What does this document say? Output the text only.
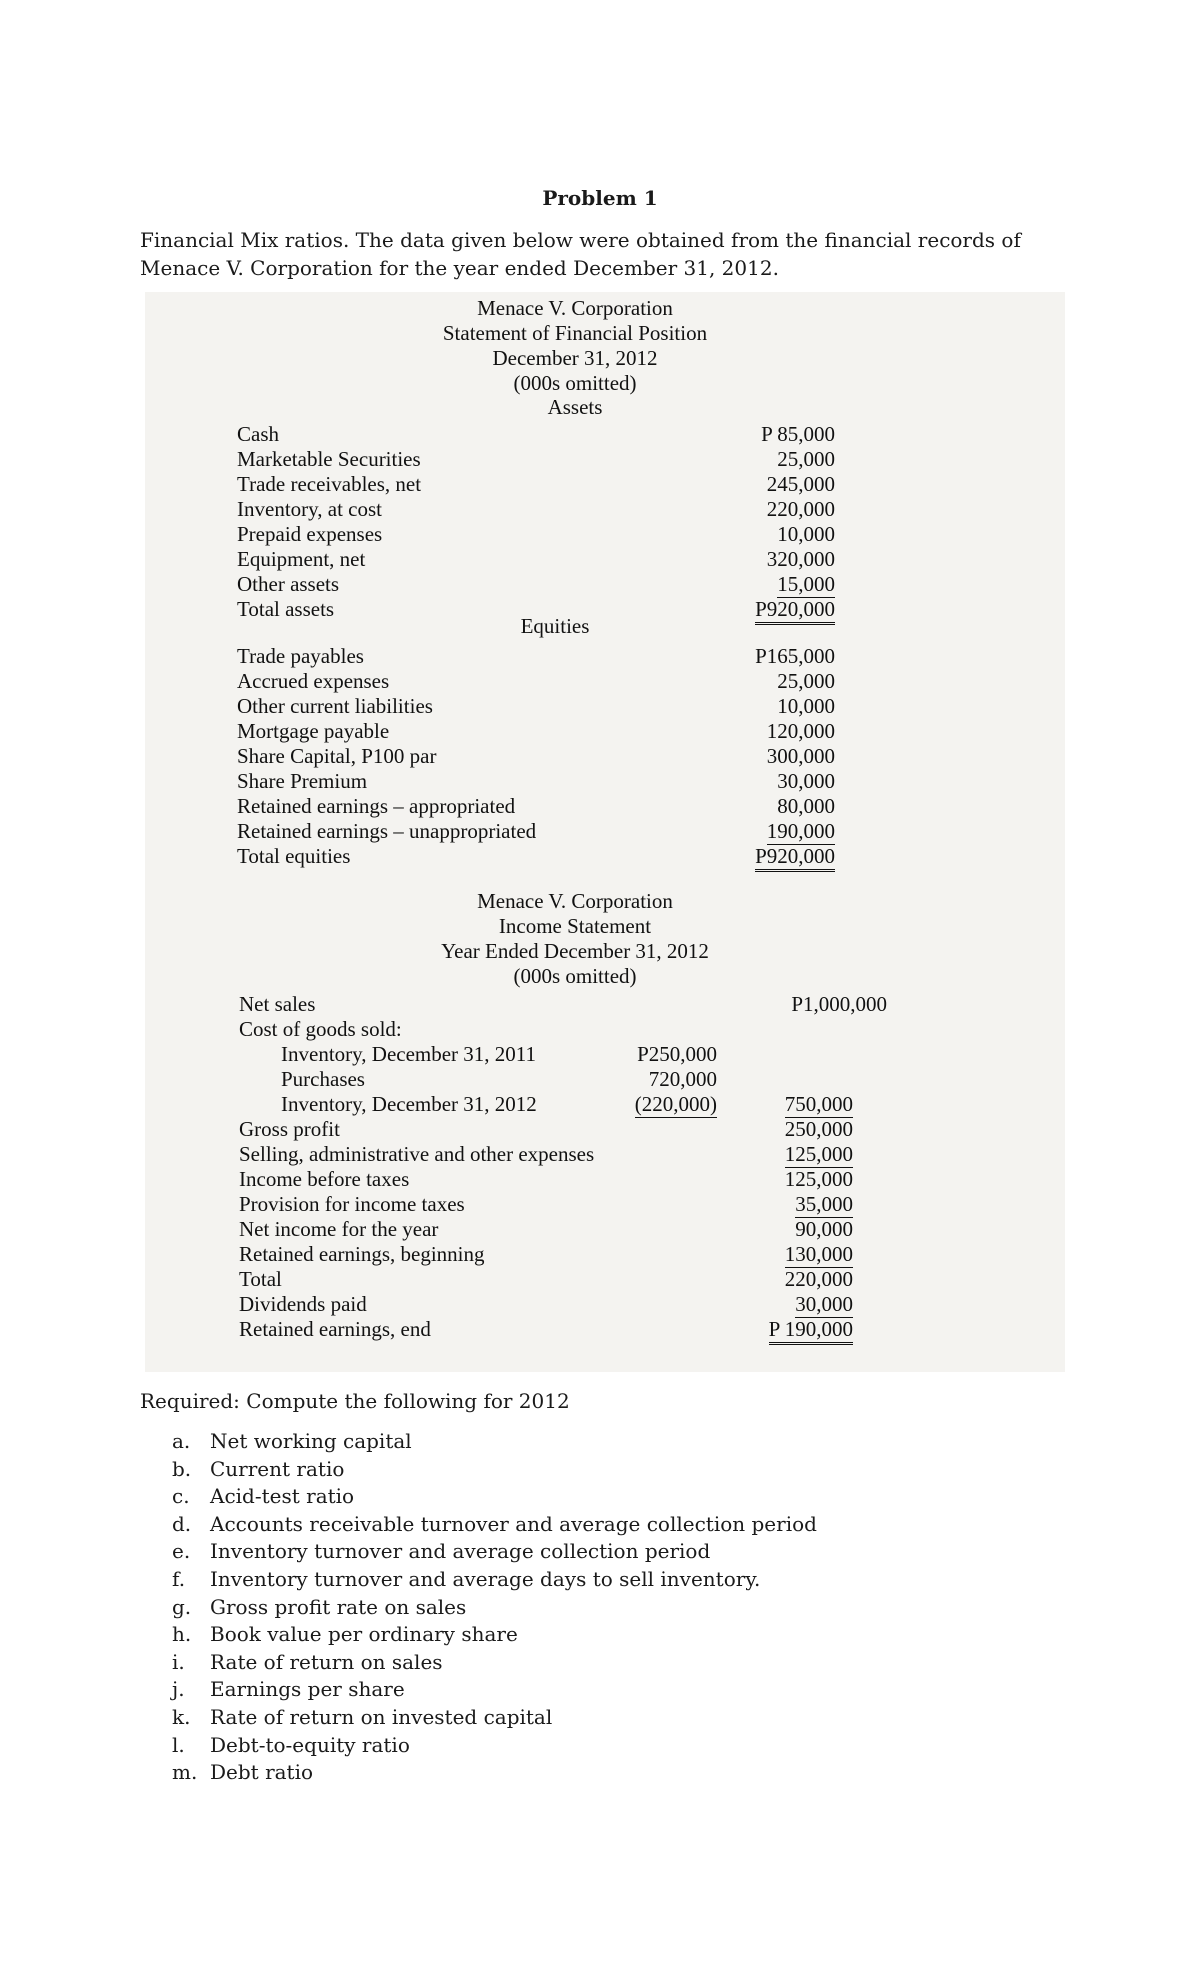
Problem 1
Financial Mix ratios. The data given below were obtained from the financial records of Menace V. Corporation for the year ended December 31, 2012.
Menace V. Corporation
Statement of Financial Position
December 31, 2012
(000s omitted)
Assets
Cash	P 85,000
Marketable Securities	25,000
Trade receivables, net	245,000
Inventory, at cost	220,000
Prepaid expenses	10,000
Equipment, net	320,000
Other assets	15,000
Total assets	P920,000
Equities
Trade payables	P165,000
Accrued expenses	25,000
Other current liabilities	10,000
Mortgage payable	120,000
Share Capital, P100 par	300,000
Share Premium	30,000
Retained earnings – appropriated	80,000
Retained earnings – unappropriated	190,000
Total equities	P920,000
Menace V. Corporation
Income Statement
Year Ended December 31, 2012
(000s omitted)
Net sales	P1,000,000
Cost of goods sold:
Inventory, December 31, 2011	P250,000
Purchases	720,000
Inventory, December 31, 2012	(220,000)	750,000
Gross profit	250,000
Selling, administrative and other expenses	125,000
Income before taxes	125,000
Provision for income taxes	35,000
Net income for the year	90,000
Retained earnings, beginning	130,000
Total	220,000
Dividends paid	30,000
Retained earnings, end	P 190,000
Required: Compute the following for 2012
a. Net working capital
b. Current ratio
c. Acid-test ratio
d. Accounts receivable turnover and average collection period
e. Inventory turnover and average collection period
f. Inventory turnover and average days to sell inventory.
g. Gross profit rate on sales
h. Book value per ordinary share
i. Rate of return on sales
j. Earnings per share
k. Rate of return on invested capital
l. Debt-to-equity ratio
m. Debt ratio
